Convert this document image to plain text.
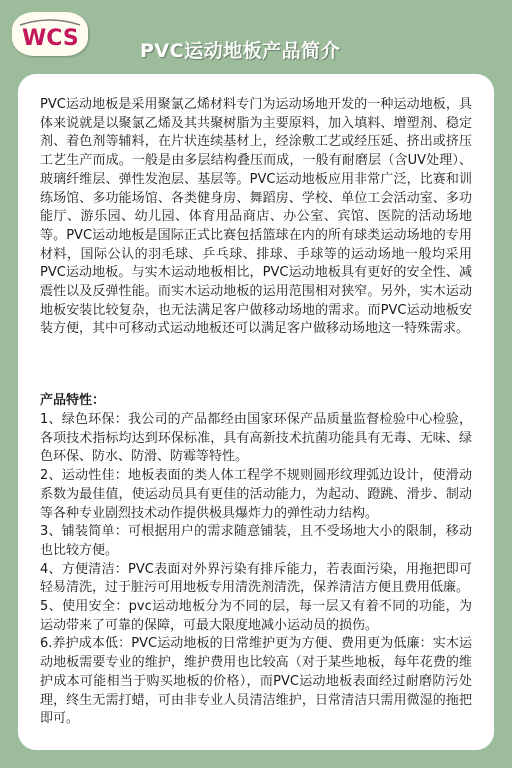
WCS	PVC运动地板产品简介

PVC运动地板是采用聚氯乙烯材料专门为运动场地开发的一种运动地板，具体来说就是以聚氯乙烯及其共聚树脂为主要原料，加入填料、增塑剂、稳定剂、着色剂等辅料，在片状连续基材上，经涂敷工艺或经压延、挤出或挤压工艺生产而成。一般是由多层结构叠压而成，一般有耐磨层（含UV处理）、玻璃纤维层、弹性发泡层、基层等。PVC运动地板应用非常广泛，比赛和训练场馆、多功能场馆、各类健身房、舞蹈房、学校、单位工会活动室、多功能厅、游乐园、幼儿园、体育用品商店、办公室、宾馆、医院的活动场地等。PVC运动地板是国际正式比赛包括篮球在内的所有球类运动场地的专用材料，国际公认的羽毛球、乒乓球、排球、手球等的运动场地一般均采用PVC运动地板。与实木运动地板相比，PVC运动地板具有更好的安全性、减震性以及反弹性能。而实木运动地板的运用范围相对狭窄。另外，实木运动地板安装比较复杂，也无法满足客户做移动场地的需求。而PVC运动地板安装方便，其中可移动式运动地板还可以满足客户做移动场地这一特殊需求。

产品特性：

1、绿色环保：我公司的产品都经由国家环保产品质量监督检验中心检验，各项技术指标均达到环保标准，具有高新技术抗菌功能具有无毒、无味、绿色环保、防水、防滑、防霉等特性。

2、运动性佳：地板表面的类人体工程学不规则圆形纹理弧边设计，使滑动系数为最佳值，使运动员具有更佳的活动能力，为起动、蹬跳、滑步、制动等各种专业剧烈技术动作提供极具爆炸力的弹性动力结构。

3、铺装简单：可根据用户的需求随意铺装，且不受场地大小的限制，移动也比较方便。

4、方便清洁：PVC表面对外界污染有排斥能力，若表面污染，用拖把即可轻易清洗，过于脏污可用地板专用清洗剂清洗，保养清洁方便且费用低廉。

5、使用安全：pvc运动地板分为不同的层，每一层又有着不同的功能，为运动带来了可靠的保障，可最大限度地减小运动员的损伤。

6.养护成本低：PVC运动地板的日常维护更为方便、费用更为低廉：实木运动地板需要专业的维护，维护费用也比较高（对于某些地板，每年花费的维护成本可能相当于购买地板的价格），而PVC运动地板表面经过耐磨防污处理，终生无需打蜡，可由非专业人员清洁维护，日常清洁只需用微湿的拖把即可。
